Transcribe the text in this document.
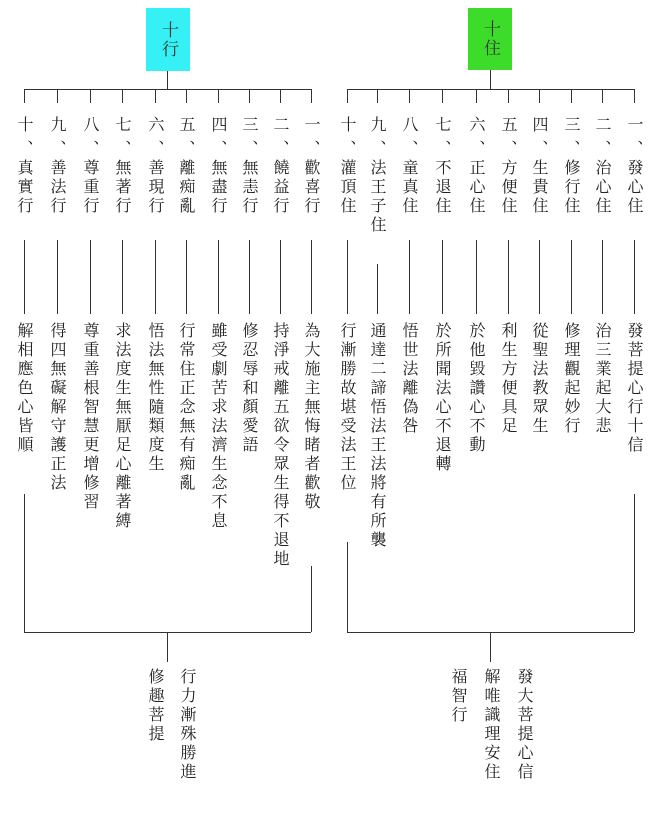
十行	十住
一
、歡喜行
為大施主無悔睹者歡敬
二
、饒益行
持淨戒離五欲令眾生得不退地
三
、無恚行
修忍辱和顏愛語
四
、無盡行
雖受劇苦求法濟生念不息
五
、離痴亂
行常住正念無有痴亂
六
、善現行
悟法無性隨類度生
七
、無著行
求法度生無厭足心離著縛
八
、尊重行
尊重善根智慧更增修習
九
、善法行
得四無礙解守護正法
十
、真實行
解相應色心皆順
行力漸殊勝進
修趣菩提
一
、發心住
發菩提心行十信
二
、治心住
治三業起大悲
三
、修行住
修理觀起妙行
四
、生貴住
從聖法教眾生
五
、方便住
利生方便具足
六
、正心住
於他毀讚心不動
七
、不退住
於所聞法心不退轉
八
、童真住
悟世法離偽咎
九
、法王子住
通達二諦悟法王法將有所襲
十
、灌頂住
行漸勝故堪受法王位
發大菩提心信
解唯識理安住
福智行
